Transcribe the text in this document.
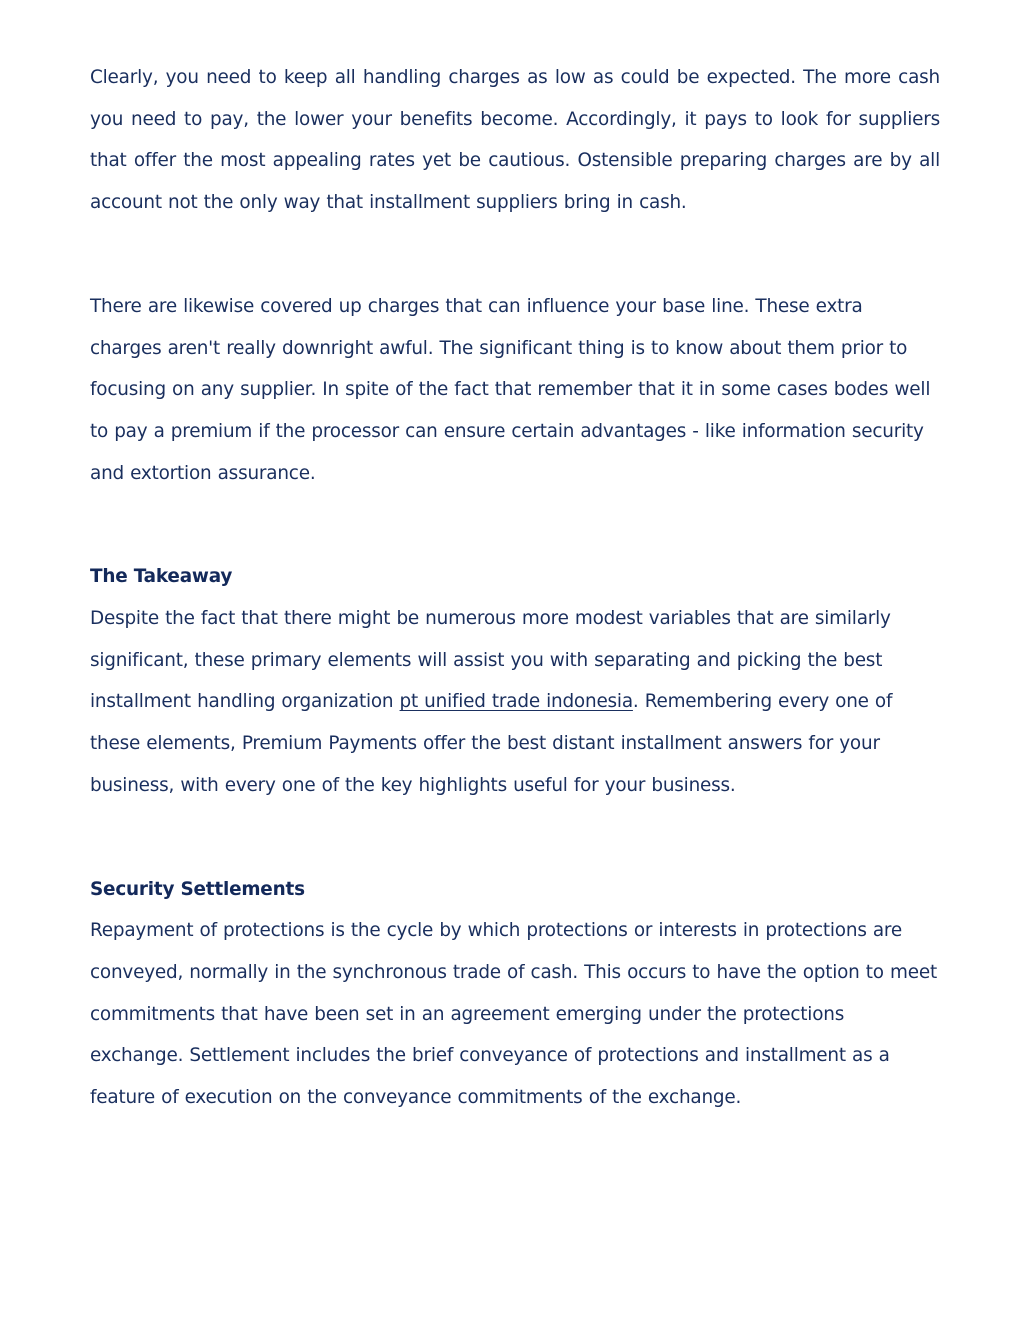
Clearly, you need to keep all handling charges as low as could be expected. The more cash you need to pay, the lower your benefits become. Accordingly, it pays to look for suppliers that offer the most appealing rates yet be cautious. Ostensible preparing charges are by all account not the only way that installment suppliers bring in cash.

There are likewise covered up charges that can influence your base line. These extra charges aren't really downright awful. The significant thing is to know about them prior to focusing on any supplier. In spite of the fact that remember that it in some cases bodes well to pay a premium if the processor can ensure certain advantages - like information security and extortion assurance.

The Takeaway

Despite the fact that there might be numerous more modest variables that are similarly significant, these primary elements will assist you with separating and picking the best installment handling organization pt unified trade indonesia. Remembering every one of these elements, Premium Payments offer the best distant installment answers for your business, with every one of the key highlights useful for your business.

Security Settlements

Repayment of protections is the cycle by which protections or interests in protections are conveyed, normally in the synchronous trade of cash. This occurs to have the option to meet commitments that have been set in an agreement emerging under the protections exchange. Settlement includes the brief conveyance of protections and installment as a feature of execution on the conveyance commitments of the exchange.
